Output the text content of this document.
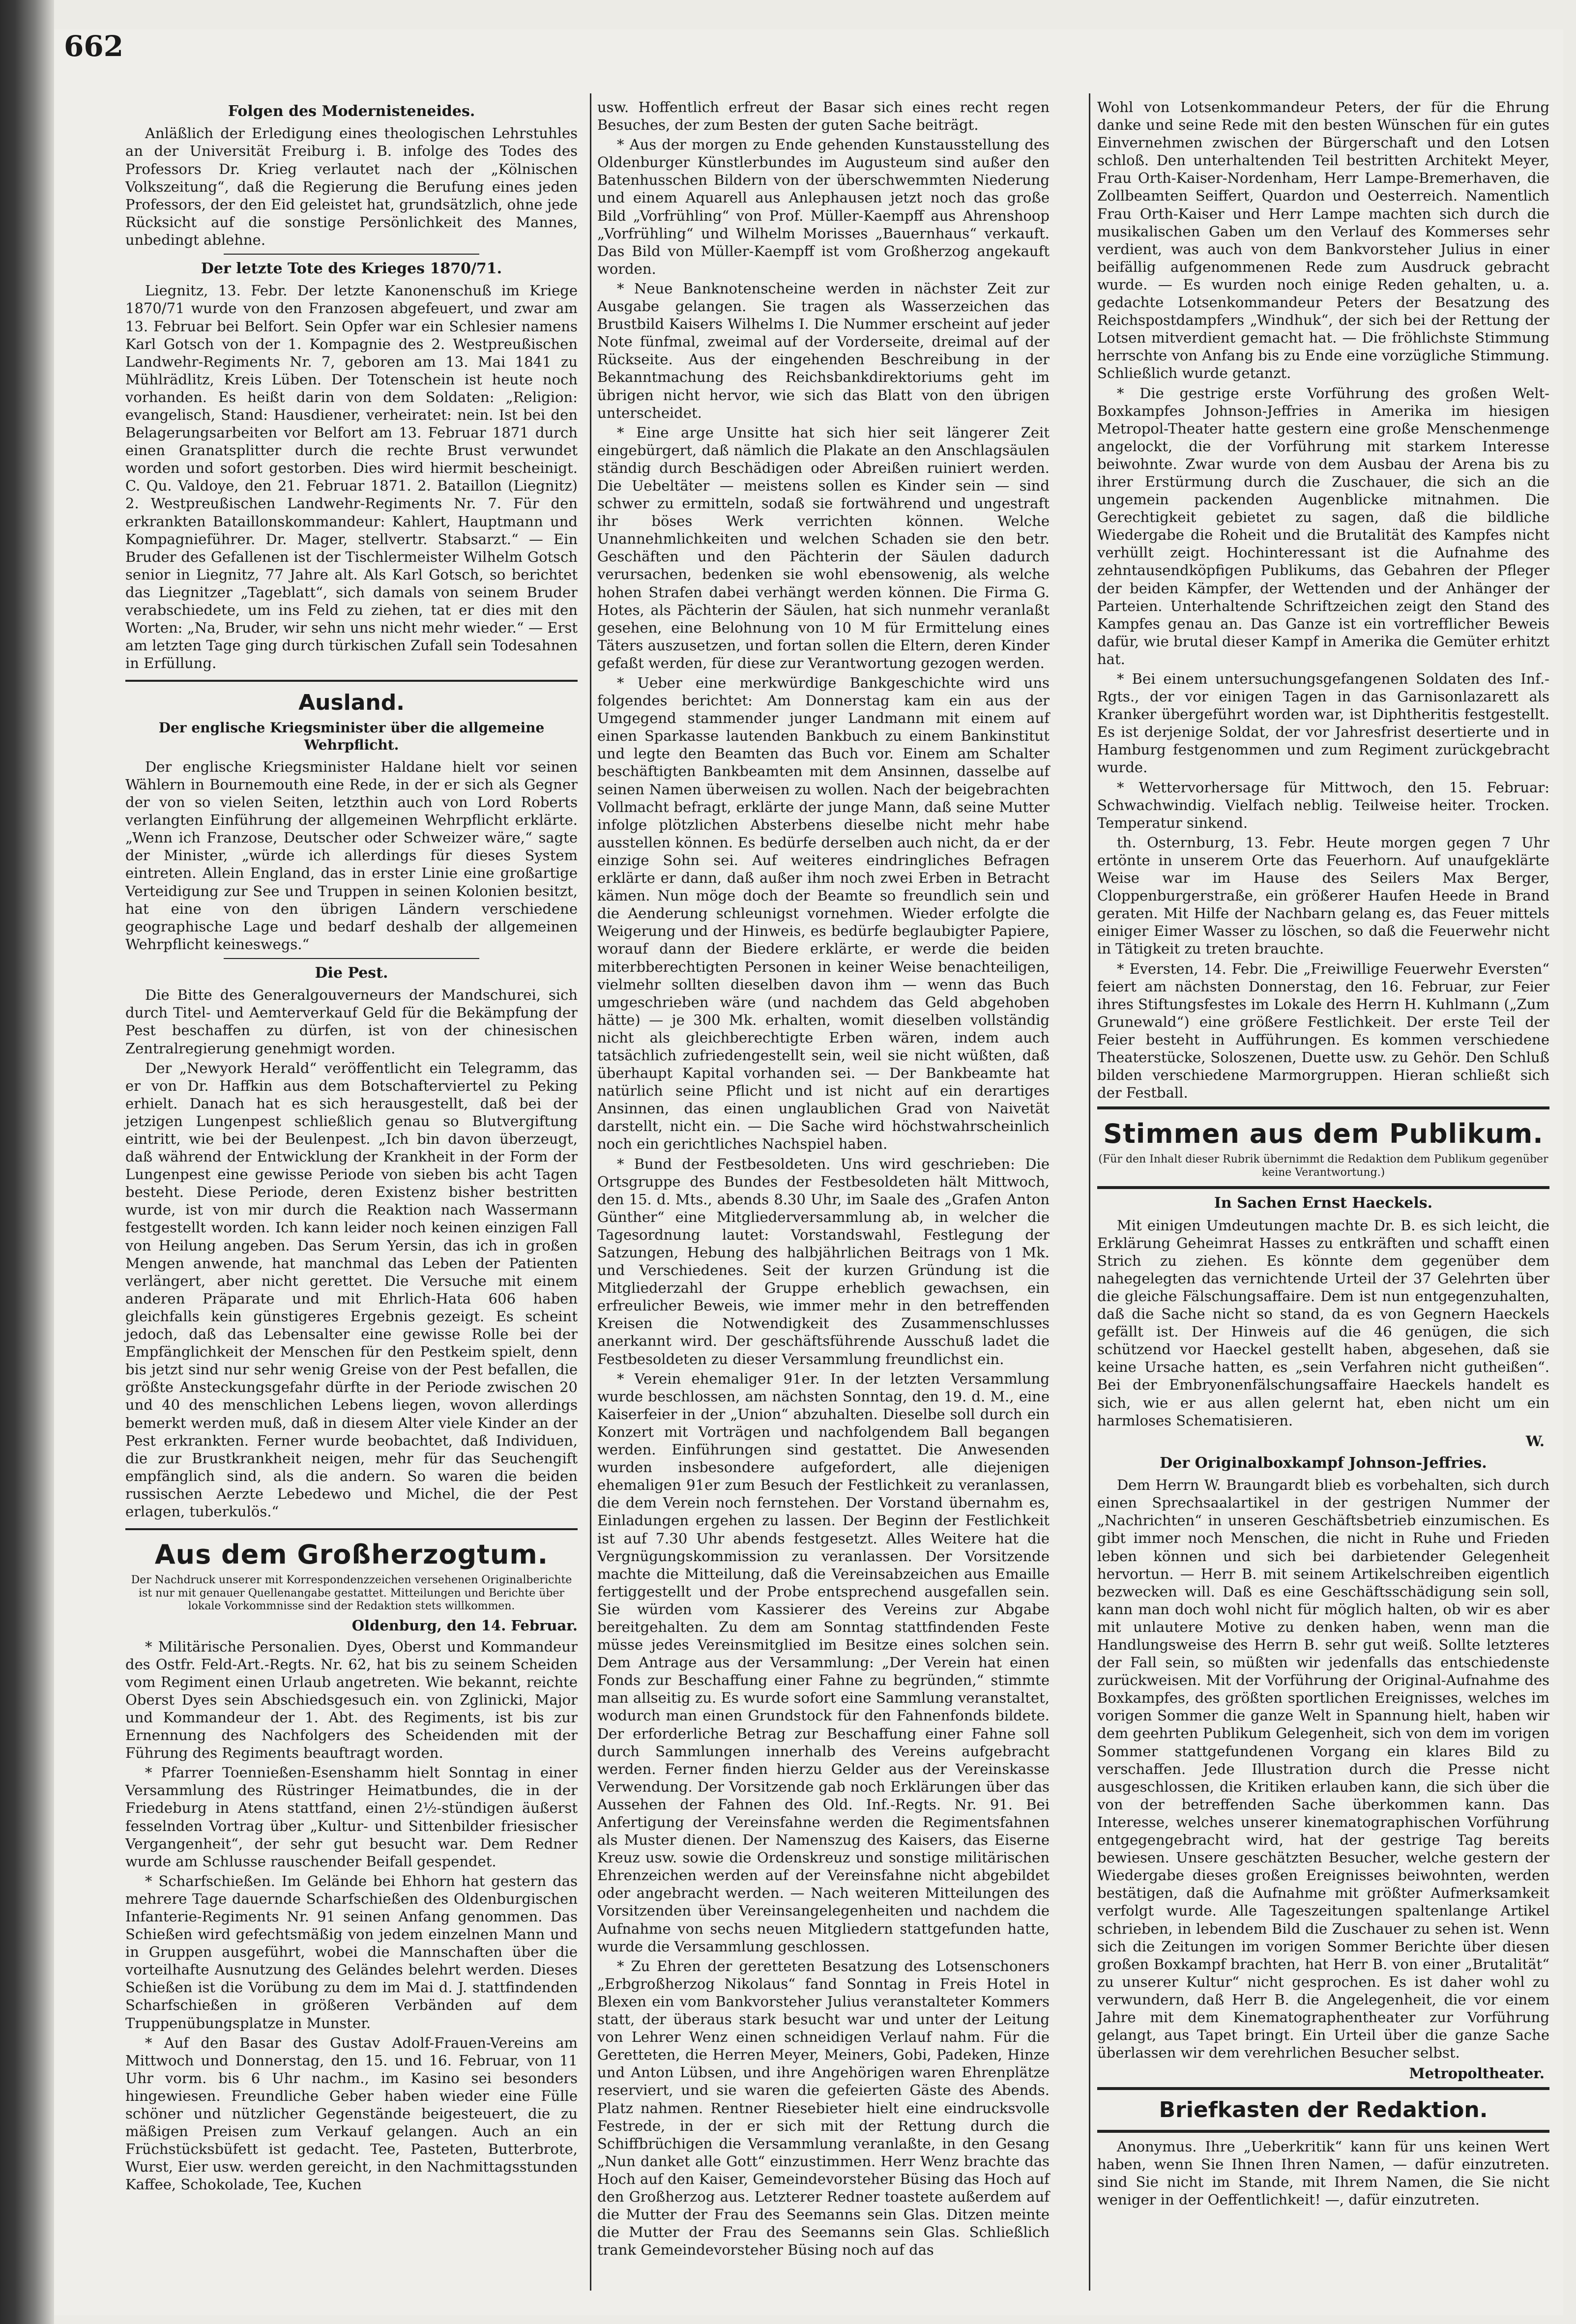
662
Folgen des Modernisteneides.
Anläßlich der Erledigung eines theologischen Lehrstuhles an der Universität Freiburg i. B. infolge des Todes des Professors Dr. Krieg verlautet nach der „Kölnischen Volkszeitung“, daß die Regierung die Berufung eines jeden Professors, der den Eid geleistet hat, grundsätzlich, ohne jede Rücksicht auf die sonstige Persönlichkeit des Mannes, unbedingt ablehne.
Der letzte Tote des Krieges 1870/71.
Liegnitz, 13. Febr. Der letzte Kanonenschuß im Kriege 1870/71 wurde von den Franzosen abgefeuert, und zwar am 13. Februar bei Belfort. Sein Opfer war ein Schlesier namens Karl Gotsch von der 1. Kompagnie des 2. Westpreußischen Landwehr-Regiments Nr. 7, geboren am 13. Mai 1841 zu Mühlrädlitz, Kreis Lüben. Der Totenschein ist heute noch vorhanden. Es heißt darin von dem Soldaten: „Religion: evangelisch, Stand: Hausdiener, verheiratet: nein. Ist bei den Belagerungsarbeiten vor Belfort am 13. Februar 1871 durch einen Granatsplitter durch die rechte Brust verwundet worden und sofort gestorben. Dies wird hiermit bescheinigt. C. Qu. Valdoye, den 21. Februar 1871. 2. Bataillon (Liegnitz) 2. Westpreußischen Landwehr-Regiments Nr. 7. Für den erkrankten Bataillonskommandeur: Kahlert, Hauptmann und Kompagnieführer. Dr. Mager, stellvertr. Stabsarzt.“ — Ein Bruder des Gefallenen ist der Tischlermeister Wilhelm Gotsch senior in Liegnitz, 77 Jahre alt. Als Karl Gotsch, so berichtet das Liegnitzer „Tageblatt“, sich damals von seinem Bruder verabschiedete, um ins Feld zu ziehen, tat er dies mit den Worten: „Na, Bruder, wir sehn uns nicht mehr wieder.“ — Erst am letzten Tage ging durch türkischen Zufall sein Todesahnen in Erfüllung.
Ausland.
Der englische Kriegsminister über die allgemeine Wehrpflicht.
Der englische Kriegsminister Haldane hielt vor seinen Wählern in Bournemouth eine Rede, in der er sich als Gegner der von so vielen Seiten, letzthin auch von Lord Roberts verlangten Einführung der allgemeinen Wehrpflicht erklärte. „Wenn ich Franzose, Deutscher oder Schweizer wäre,“ sagte der Minister, „würde ich allerdings für dieses System eintreten. Allein England, das in erster Linie eine großartige Verteidigung zur See und Truppen in seinen Kolonien besitzt, hat eine von den übrigen Ländern verschiedene geographische Lage und bedarf deshalb der allgemeinen Wehrpflicht keineswegs.“
Die Pest.
Die Bitte des Generalgouverneurs der Mandschurei, sich durch Titel- und Aemterverkauf Geld für die Bekämpfung der Pest beschaffen zu dürfen, ist von der chinesischen Zentralregierung genehmigt worden.
Der „Newyork Herald“ veröffentlicht ein Telegramm, das er von Dr. Haffkin aus dem Botschafterviertel zu Peking erhielt. Danach hat es sich herausgestellt, daß bei der jetzigen Lungenpest schließlich genau so Blutvergiftung eintritt, wie bei der Beulenpest. „Ich bin davon überzeugt, daß während der Entwicklung der Krankheit in der Form der Lungenpest eine gewisse Periode von sieben bis acht Tagen besteht. Diese Periode, deren Existenz bisher bestritten wurde, ist von mir durch die Reaktion nach Wassermann festgestellt worden. Ich kann leider noch keinen einzigen Fall von Heilung angeben. Das Serum Yersin, das ich in großen Mengen anwende, hat manchmal das Leben der Patienten verlängert, aber nicht gerettet. Die Versuche mit einem anderen Präparate und mit Ehrlich-Hata 606 haben gleichfalls kein günstigeres Ergebnis gezeigt. Es scheint jedoch, daß das Lebensalter eine gewisse Rolle bei der Empfänglichkeit der Menschen für den Pestkeim spielt, denn bis jetzt sind nur sehr wenig Greise von der Pest befallen, die größte Ansteckungsgefahr dürfte in der Periode zwischen 20 und 40 des menschlichen Lebens liegen, wovon allerdings bemerkt werden muß, daß in diesem Alter viele Kinder an der Pest erkrankten. Ferner wurde beobachtet, daß Individuen, die zur Brustkrankheit neigen, mehr für das Seuchengift empfänglich sind, als die andern. So waren die beiden russischen Aerzte Lebedewo und Michel, die der Pest erlagen, tuberkulös.“
Aus dem Großherzogtum.
Der Nachdruck unserer mit Korrespondenzzeichen versehenen Originalberichte ist nur mit genauer Quellenangabe gestattet. Mitteilungen und Berichte über lokale Vorkommnisse sind der Redaktion stets willkommen.
Oldenburg, den 14. Februar.
* Militärische Personalien. Dyes, Oberst und Kommandeur des Ostfr. Feld-Art.-Regts. Nr. 62, hat bis zu seinem Scheiden vom Regiment einen Urlaub angetreten. Wie bekannt, reichte Oberst Dyes sein Abschiedsgesuch ein. von Zglinicki, Major und Kommandeur der 1. Abt. des Regiments, ist bis zur Ernennung des Nachfolgers des Scheidenden mit der Führung des Regiments beauftragt worden.
* Pfarrer Toennießen-Esenshamm hielt Sonntag in einer Versammlung des Rüstringer Heimatbundes, die in der Friedeburg in Atens stattfand, einen 2½-stündigen äußerst fesselnden Vortrag über „Kultur- und Sittenbilder friesischer Vergangenheit“, der sehr gut besucht war. Dem Redner wurde am Schlusse rauschender Beifall gespendet.
* Scharfschießen. Im Gelände bei Ehhorn hat gestern das mehrere Tage dauernde Scharfschießen des Oldenburgischen Infanterie-Regiments Nr. 91 seinen Anfang genommen. Das Schießen wird gefechtsmäßig von jedem einzelnen Mann und in Gruppen ausgeführt, wobei die Mannschaften über die vorteilhafte Ausnutzung des Geländes belehrt werden. Dieses Schießen ist die Vorübung zu dem im Mai d. J. stattfindenden Scharfschießen in größeren Verbänden auf dem Truppenübungsplatze in Munster.
* Auf den Basar des Gustav Adolf-Frauen-Vereins am Mittwoch und Donnerstag, den 15. und 16. Februar, von 11 Uhr vorm. bis 6 Uhr nachm., im Kasino sei besonders hingewiesen. Freundliche Geber haben wieder eine Fülle schöner und nützlicher Gegenstände beigesteuert, die zu mäßigen Preisen zum Verkauf gelangen. Auch an ein Früchstücksbüfett ist gedacht. Tee, Pasteten, Butterbrote, Wurst, Eier usw. werden gereicht, in den Nachmittagsstunden Kaffee, Schokolade, Tee, Kuchen
usw. Hoffentlich erfreut der Basar sich eines recht regen Besuches, der zum Besten der guten Sache beiträgt.
* Aus der morgen zu Ende gehenden Kunstausstellung des Oldenburger Künstlerbundes im Augusteum sind außer den Batenhusschen Bildern von der überschwemmten Niederung und einem Aquarell aus Anlephausen jetzt noch das große Bild „Vorfrühling“ von Prof. Müller-Kaempff aus Ahrenshoop „Vorfrühling“ und Wilhelm Morisses „Bauernhaus“ verkauft. Das Bild von Müller-Kaempff ist vom Großherzog angekauft worden.
* Neue Banknotenscheine werden in nächster Zeit zur Ausgabe gelangen. Sie tragen als Wasserzeichen das Brustbild Kaisers Wilhelms I. Die Nummer erscheint auf jeder Note fünfmal, zweimal auf der Vorderseite, dreimal auf der Rückseite. Aus der eingehenden Beschreibung in der Bekanntmachung des Reichsbankdirektoriums geht im übrigen nicht hervor, wie sich das Blatt von den übrigen unterscheidet.
* Eine arge Unsitte hat sich hier seit längerer Zeit eingebürgert, daß nämlich die Plakate an den Anschlagsäulen ständig durch Beschädigen oder Abreißen ruiniert werden. Die Uebeltäter — meistens sollen es Kinder sein — sind schwer zu ermitteln, sodaß sie fortwährend und ungestraft ihr böses Werk verrichten können. Welche Unannehmlichkeiten und welchen Schaden sie den betr. Geschäften und den Pächterin der Säulen dadurch verursachen, bedenken sie wohl ebensowenig, als welche hohen Strafen dabei verhängt werden können. Die Firma G. Hotes, als Pächterin der Säulen, hat sich nunmehr veranlaßt gesehen, eine Belohnung von 10 M für Ermittelung eines Täters auszusetzen, und fortan sollen die Eltern, deren Kinder gefaßt werden, für diese zur Verantwortung gezogen werden.
* Ueber eine merkwürdige Bankgeschichte wird uns folgendes berichtet: Am Donnerstag kam ein aus der Umgegend stammender junger Landmann mit einem auf einen Sparkasse lautenden Bankbuch zu einem Bankinstitut und legte den Beamten das Buch vor. Einem am Schalter beschäftigten Bankbeamten mit dem Ansinnen, dasselbe auf seinen Namen überweisen zu wollen. Nach der beigebrachten Vollmacht befragt, erklärte der junge Mann, daß seine Mutter infolge plötzlichen Absterbens dieselbe nicht mehr habe ausstellen können. Es bedürfe derselben auch nicht, da er der einzige Sohn sei. Auf weiteres eindringliches Befragen erklärte er dann, daß außer ihm noch zwei Erben in Betracht kämen. Nun möge doch der Beamte so freundlich sein und die Aenderung schleunigst vornehmen. Wieder erfolgte die Weigerung und der Hinweis, es bedürfe beglaubigter Papiere, worauf dann der Biedere erklärte, er werde die beiden miterbberechtigten Personen in keiner Weise benachteiligen, vielmehr sollten dieselben davon ihm — wenn das Buch umgeschrieben wäre (und nachdem das Geld abgehoben hätte) — je 300 Mk. erhalten, womit dieselben vollständig nicht als gleichberechtigte Erben wären, indem auch tatsächlich zufriedengestellt sein, weil sie nicht wüßten, daß überhaupt Kapital vorhanden sei. — Der Bankbeamte hat natürlich seine Pflicht und ist nicht auf ein derartiges Ansinnen, das einen unglaublichen Grad von Naivetät darstellt, nicht ein. — Die Sache wird höchstwahrscheinlich noch ein gerichtliches Nachspiel haben.
* Bund der Festbesoldeten. Uns wird geschrieben: Die Ortsgruppe des Bundes der Festbesoldeten hält Mittwoch, den 15. d. Mts., abends 8.30 Uhr, im Saale des „Grafen Anton Günther“ eine Mitgliederversammlung ab, in welcher die Tagesordnung lautet: Vorstandswahl, Festlegung der Satzungen, Hebung des halbjährlichen Beitrags von 1 Mk. und Verschiedenes. Seit der kurzen Gründung ist die Mitgliederzahl der Gruppe erheblich gewachsen, ein erfreulicher Beweis, wie immer mehr in den betreffenden Kreisen die Notwendigkeit des Zusammenschlusses anerkannt wird. Der geschäftsführende Ausschuß ladet die Festbesoldeten zu dieser Versammlung freundlichst ein.
* Verein ehemaliger 91er. In der letzten Versammlung wurde beschlossen, am nächsten Sonntag, den 19. d. M., eine Kaiserfeier in der „Union“ abzuhalten. Dieselbe soll durch ein Konzert mit Vorträgen und nachfolgendem Ball begangen werden. Einführungen sind gestattet. Die Anwesenden wurden insbesondere aufgefordert, alle diejenigen ehemaligen 91er zum Besuch der Festlichkeit zu veranlassen, die dem Verein noch fernstehen. Der Vorstand übernahm es, Einladungen ergehen zu lassen. Der Beginn der Festlichkeit ist auf 7.30 Uhr abends festgesetzt. Alles Weitere hat die Vergnügungskommission zu veranlassen. Der Vorsitzende machte die Mitteilung, daß die Vereinsabzeichen aus Emaille fertiggestellt und der Probe entsprechend ausgefallen sein. Sie würden vom Kassierer des Vereins zur Abgabe bereitgehalten. Zu dem am Sonntag stattfindenden Feste müsse jedes Vereinsmitglied im Besitze eines solchen sein. Dem Antrage aus der Versammlung: „Der Verein hat einen Fonds zur Beschaffung einer Fahne zu begründen,“ stimmte man allseitig zu. Es wurde sofort eine Sammlung veranstaltet, wodurch man einen Grundstock für den Fahnenfonds bildete. Der erforderliche Betrag zur Beschaffung einer Fahne soll durch Sammlungen innerhalb des Vereins aufgebracht werden. Ferner finden hierzu Gelder aus der Vereinskasse Verwendung. Der Vorsitzende gab noch Erklärungen über das Aussehen der Fahnen des Old. Inf.-Regts. Nr. 91. Bei Anfertigung der Vereinsfahne werden die Regimentsfahnen als Muster dienen. Der Namenszug des Kaisers, das Eiserne Kreuz usw. sowie die Ordenskreuz und sonstige militärischen Ehrenzeichen werden auf der Vereinsfahne nicht abgebildet oder angebracht werden. — Nach weiteren Mitteilungen des Vorsitzenden über Vereinsangelegenheiten und nachdem die Aufnahme von sechs neuen Mitgliedern stattgefunden hatte, wurde die Versammlung geschlossen.
* Zu Ehren der geretteten Besatzung des Lotsenschoners „Erbgroßherzog Nikolaus“ fand Sonntag in Freis Hotel in Blexen ein vom Bankvorsteher Julius veranstalteter Kommers statt, der überaus stark besucht war und unter der Leitung von Lehrer Wenz einen schneidigen Verlauf nahm. Für die Geretteten, die Herren Meyer, Meiners, Gobi, Padeken, Hinze und Anton Lübsen, und ihre Angehörigen waren Ehrenplätze reserviert, und sie waren die gefeierten Gäste des Abends. Platz nahmen. Rentner Riesebieter hielt eine eindrucksvolle Festrede, in der er sich mit der Rettung durch die Schiffbrüchigen die Versammlung veranlaßte, in den Gesang „Nun danket alle Gott“ einzustimmen. Herr Wenz brachte das Hoch auf den Kaiser, Gemeindevorsteher Büsing das Hoch auf den Großherzog aus. Letzterer Redner toastete außerdem auf die Mutter der Frau des Seemanns sein Glas. Ditzen meinte die Mutter der Frau des Seemanns sein Glas. Schließlich trank Gemeindevorsteher Büsing noch auf das
Wohl von Lotsenkommandeur Peters, der für die Ehrung danke und seine Rede mit den besten Wünschen für ein gutes Einvernehmen zwischen der Bürgerschaft und den Lotsen schloß. Den unterhaltenden Teil bestritten Architekt Meyer, Frau Orth-Kaiser-Nordenham, Herr Lampe-Bremerhaven, die Zollbeamten Seiffert, Quardon und Oesterreich. Namentlich Frau Orth-Kaiser und Herr Lampe machten sich durch die musikalischen Gaben um den Verlauf des Kommerses sehr verdient, was auch von dem Bankvorsteher Julius in einer beifällig aufgenommenen Rede zum Ausdruck gebracht wurde. — Es wurden noch einige Reden gehalten, u. a. gedachte Lotsenkommandeur Peters der Besatzung des Reichspostdampfers „Windhuk“, der sich bei der Rettung der Lotsen mitverdient gemacht hat. — Die fröhlichste Stimmung herrschte von Anfang bis zu Ende eine vorzügliche Stimmung. Schließlich wurde getanzt.
* Die gestrige erste Vorführung des großen Welt-Boxkampfes Johnson-Jeffries in Amerika im hiesigen Metropol-Theater hatte gestern eine große Menschenmenge angelockt, die der Vorführung mit starkem Interesse beiwohnte. Zwar wurde von dem Ausbau der Arena bis zu ihrer Erstürmung durch die Zuschauer, die sich an die ungemein packenden Augenblicke mitnahmen. Die Gerechtigkeit gebietet zu sagen, daß die bildliche Wiedergabe die Roheit und die Brutalität des Kampfes nicht verhüllt zeigt. Hochinteressant ist die Aufnahme des zehntausendköpfigen Publikums, das Gebahren der Pfleger der beiden Kämpfer, der Wettenden und der Anhänger der Parteien. Unterhaltende Schriftzeichen zeigt den Stand des Kampfes genau an. Das Ganze ist ein vortrefflicher Beweis dafür, wie brutal dieser Kampf in Amerika die Gemüter erhitzt hat.
* Bei einem untersuchungsgefangenen Soldaten des Inf.-Rgts., der vor einigen Tagen in das Garnisonlazarett als Kranker übergeführt worden war, ist Diphtheritis festgestellt. Es ist derjenige Soldat, der vor Jahresfrist desertierte und in Hamburg festgenommen und zum Regiment zurückgebracht wurde.
* Wettervorhersage für Mittwoch, den 15. Februar: Schwachwindig. Vielfach neblig. Teilweise heiter. Trocken. Temperatur sinkend.
th. Osternburg, 13. Febr. Heute morgen gegen 7 Uhr ertönte in unserem Orte das Feuerhorn. Auf unaufgeklärte Weise war im Hause des Seilers Max Berger, Cloppenburgerstraße, ein größerer Haufen Heede in Brand geraten. Mit Hilfe der Nachbarn gelang es, das Feuer mittels einiger Eimer Wasser zu löschen, so daß die Feuerwehr nicht in Tätigkeit zu treten brauchte.
* Eversten, 14. Febr. Die „Freiwillige Feuerwehr Eversten“ feiert am nächsten Donnerstag, den 16. Februar, zur Feier ihres Stiftungsfestes im Lokale des Herrn H. Kuhlmann („Zum Grunewald“) eine größere Festlichkeit. Der erste Teil der Feier besteht in Aufführungen. Es kommen verschiedene Theaterstücke, Soloszenen, Duette usw. zu Gehör. Den Schluß bilden verschiedene Marmorgruppen. Hieran schließt sich der Festball.
Stimmen aus dem Publikum.
(Für den Inhalt dieser Rubrik übernimmt die Redaktion dem Publikum gegenüber keine Verantwortung.)
In Sachen Ernst Haeckels.
Mit einigen Umdeutungen machte Dr. B. es sich leicht, die Erklärung Geheimrat Hasses zu entkräften und schafft einen Strich zu ziehen. Es könnte dem gegenüber dem nahegelegten das vernichtende Urteil der 37 Gelehrten über die gleiche Fälschungsaffaire. Dem ist nun entgegenzuhalten, daß die Sache nicht so stand, da es von Gegnern Haeckels gefällt ist. Der Hinweis auf die 46 genügen, die sich schützend vor Haeckel gestellt haben, abgesehen, daß sie keine Ursache hatten, es „sein Verfahren nicht gutheißen“. Bei der Embryonenfälschungsaffaire Haeckels handelt es sich, wie er aus allen gelernt hat, eben nicht um ein harmloses Schematisieren.
W.
Der Originalboxkampf Johnson-Jeffries.
Dem Herrn W. Braungardt blieb es vorbehalten, sich durch einen Sprechsaalartikel in der gestrigen Nummer der „Nachrichten“ in unseren Geschäftsbetrieb einzumischen. Es gibt immer noch Menschen, die nicht in Ruhe und Frieden leben können und sich bei darbietender Gelegenheit hervortun. — Herr B. mit seinem Artikelschreiben eigentlich bezwecken will. Daß es eine Geschäftsschädigung sein soll, kann man doch wohl nicht für möglich halten, ob wir es aber mit unlautere Motive zu denken haben, wenn man die Handlungsweise des Herrn B. sehr gut weiß. Sollte letzteres der Fall sein, so müßten wir jedenfalls das entschiedenste zurückweisen. Mit der Vorführung der Original-Aufnahme des Boxkampfes, des größten sportlichen Ereignisses, welches im vorigen Sommer die ganze Welt in Spannung hielt, haben wir dem geehrten Publikum Gelegenheit, sich von dem im vorigen Sommer stattgefundenen Vorgang ein klares Bild zu verschaffen. Jede Illustration durch die Presse nicht ausgeschlossen, die Kritiken erlauben kann, die sich über die von der betreffenden Sache überkommen kann. Das Interesse, welches unserer kinematographischen Vorführung entgegengebracht wird, hat der gestrige Tag bereits bewiesen. Unsere geschätzten Besucher, welche gestern der Wiedergabe dieses großen Ereignisses beiwohnten, werden bestätigen, daß die Aufnahme mit größter Aufmerksamkeit verfolgt wurde. Alle Tageszeitungen spaltenlange Artikel schrieben, in lebendem Bild die Zuschauer zu sehen ist. Wenn sich die Zeitungen im vorigen Sommer Berichte über diesen großen Boxkampf brachten, hat Herr B. von einer „Brutalität“ zu unserer Kultur“ nicht gesprochen. Es ist daher wohl zu verwundern, daß Herr B. die Angelegenheit, die vor einem Jahre mit dem Kinematographentheater zur Vorführung gelangt, aus Tapet bringt. Ein Urteil über die ganze Sache überlassen wir dem verehrlichen Besucher selbst.
Metropoltheater.
Briefkasten der Redaktion.
Anonymus. Ihre „Ueberkritik“ kann für uns keinen Wert haben, wenn Sie Ihnen Ihren Namen, — dafür einzutreten. sind Sie nicht im Stande, mit Ihrem Namen, die Sie nicht weniger in der Oeffentlichkeit! —, dafür einzutreten.
